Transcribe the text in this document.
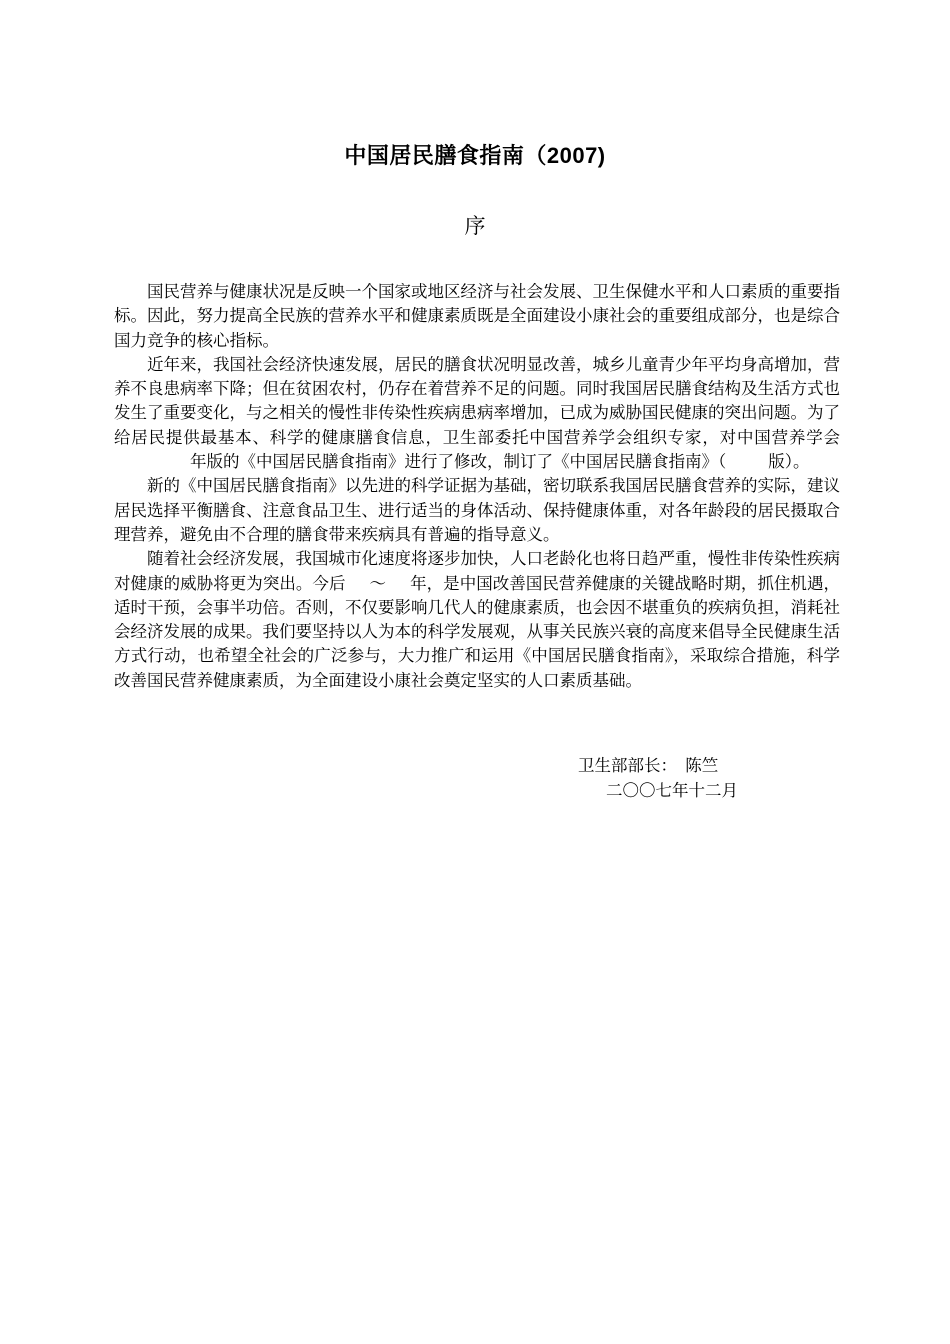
中国居民膳食指南（2007)
序

国民营养与健康状况是反映一个国家或地区经济与社会发展、卫生保健水平和人口素质的重要指标。因此，努力提高全民族的营养水平和健康素质既是全面建设小康社会的重要组成部分，也是综合国力竞争的核心指标。

近年来，我国社会经济快速发展，居民的膳食状况明显改善，城乡儿童青少年平均身高增加，营养不良患病率下降；但在贫困农村，仍存在着营养不足的问题。同时我国居民膳食结构及生活方式也发生了重要变化，与之相关的慢性非传染性疾病患病率增加，已成为威胁国民健康的突出问题。为了给居民提供最基本、科学的健康膳食信息，卫生部委托中国营养学会组织专家，对中国营养学会年版的《中国居民膳食指南》进行了修改，制订了《中国居民膳食指南》（	版）。

新的《中国居民膳食指南》以先进的科学证据为基础，密切联系我国居民膳食营养的实际，建议居民选择平衡膳食、注意食品卫生、进行适当的身体活动、保持健康体重，对各年龄段的居民摄取合理营养，避免由不合理的膳食带来疾病具有普遍的指导意义。

随着社会经济发展，我国城市化速度将逐步加快，人口老龄化也将日趋严重，慢性非传染性疾病对健康的威胁将更为突出。今后 ～ 年，是中国改善国民营养健康的关键战略时期，抓住机遇，适时干预，会事半功倍。否则，不仅要影响几代人的健康素质，也会因不堪重负的疾病负担，消耗社会经济发展的成果。我们要坚持以人为本的科学发展观，从事关民族兴衰的高度来倡导全民健康生活方式行动，也希望全社会的广泛参与，大力推广和运用《中国居民膳食指南》，采取综合措施，科学改善国民营养健康素质，为全面建设小康社会奠定坚实的人口素质基础。

卫生部部长：　陈竺
二〇〇七年十二月
